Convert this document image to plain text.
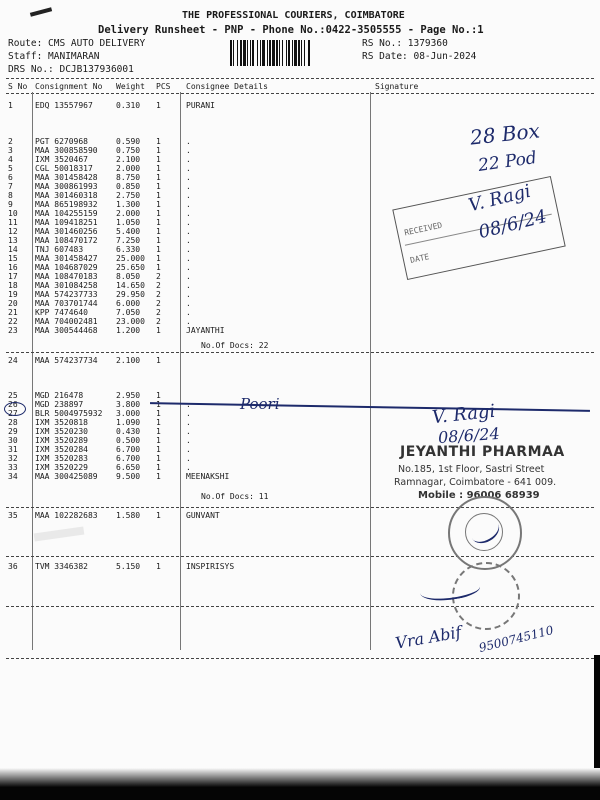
THE PROFESSIONAL COURIERS, COIMBATORE
Delivery Runsheet - PNP - Phone No.:0422-3505555 - Page No.:1
Route: CMS AUTO DELIVERY
Staff: MANIMARAN
DRS No.: DCJB137936001
RS No.: 1379360
RS Date: 08-Jun-2024
S No Consignment No Weight PCS Consignee Details	Signature
1	EDQ 13557967	0.310 1	PURANI
2	PGT 6270968	0.590 1	.
3	MAA 300858590 0.750 1	.
4	IXM 3520467	2.100 1	.
5	CGL 50018317	2.000 1	.
6	MAA 301458428 8.750 1	.
7	MAA 300861993 0.850 1	.
8	MAA 301460318 2.750 1	.
9	MAA 865198932 1.300 1	.
10 MAA 104255159 2.000 1	.
11 MAA 109418251 1.050 1	.
12 MAA 301460256 5.400 1	.
13 MAA 108470172 7.250 1	.
14 TNJ 607483	6.330 1	.
15 MAA 301458427 25.000 1	.
16 MAA 104687029 25.650 1	.
17 MAA 108470183 8.050 2	.
18 MAA 301084258 14.650 2	.
19 MAA 574237733 29.950 2	.
20 MAA 703701744 6.000 2	.
21 KPP 7474640	7.050 2	.
22 MAA 704002481 23.000 2	.
23 MAA 300544468 1.200 1	JAYANTHI
24 MAA 574237734 2.100 1
25 MGD 216478	2.950 1
26 MGD 238897	3.800 1	.
27 BLR 5004975932 3.000 1	.
28 IXM 3520818	1.090 1	.
29 IXM 3520230	0.430 1	.
30 IXM 3520289	0.500 1	.
31 IXM 3520284	6.700 1	.
32 IXM 3520283	6.700 1	.
33 IXM 3520229	6.650 1	.
34 MAA 300425089 9.500 1	MEENAKSHI
35 MAA 102282683 1.580 1	GUNVANT
36 TVM 3346382	5.150 1	INSPIRISYS
No.Of Docs: 22
No.Of Docs: 11
Poori
RECEIVED
DATE
28 Box
22 Pod
V. Ragi
08/6/24
V. Ragi
08/6/24
JEYANTHI PHARMAA
No.185, 1st Floor, Sastri Street
Ramnagar, Coimbatore - 641 009.
Mobile : 96006 68939
Vra Abif 9500745110
